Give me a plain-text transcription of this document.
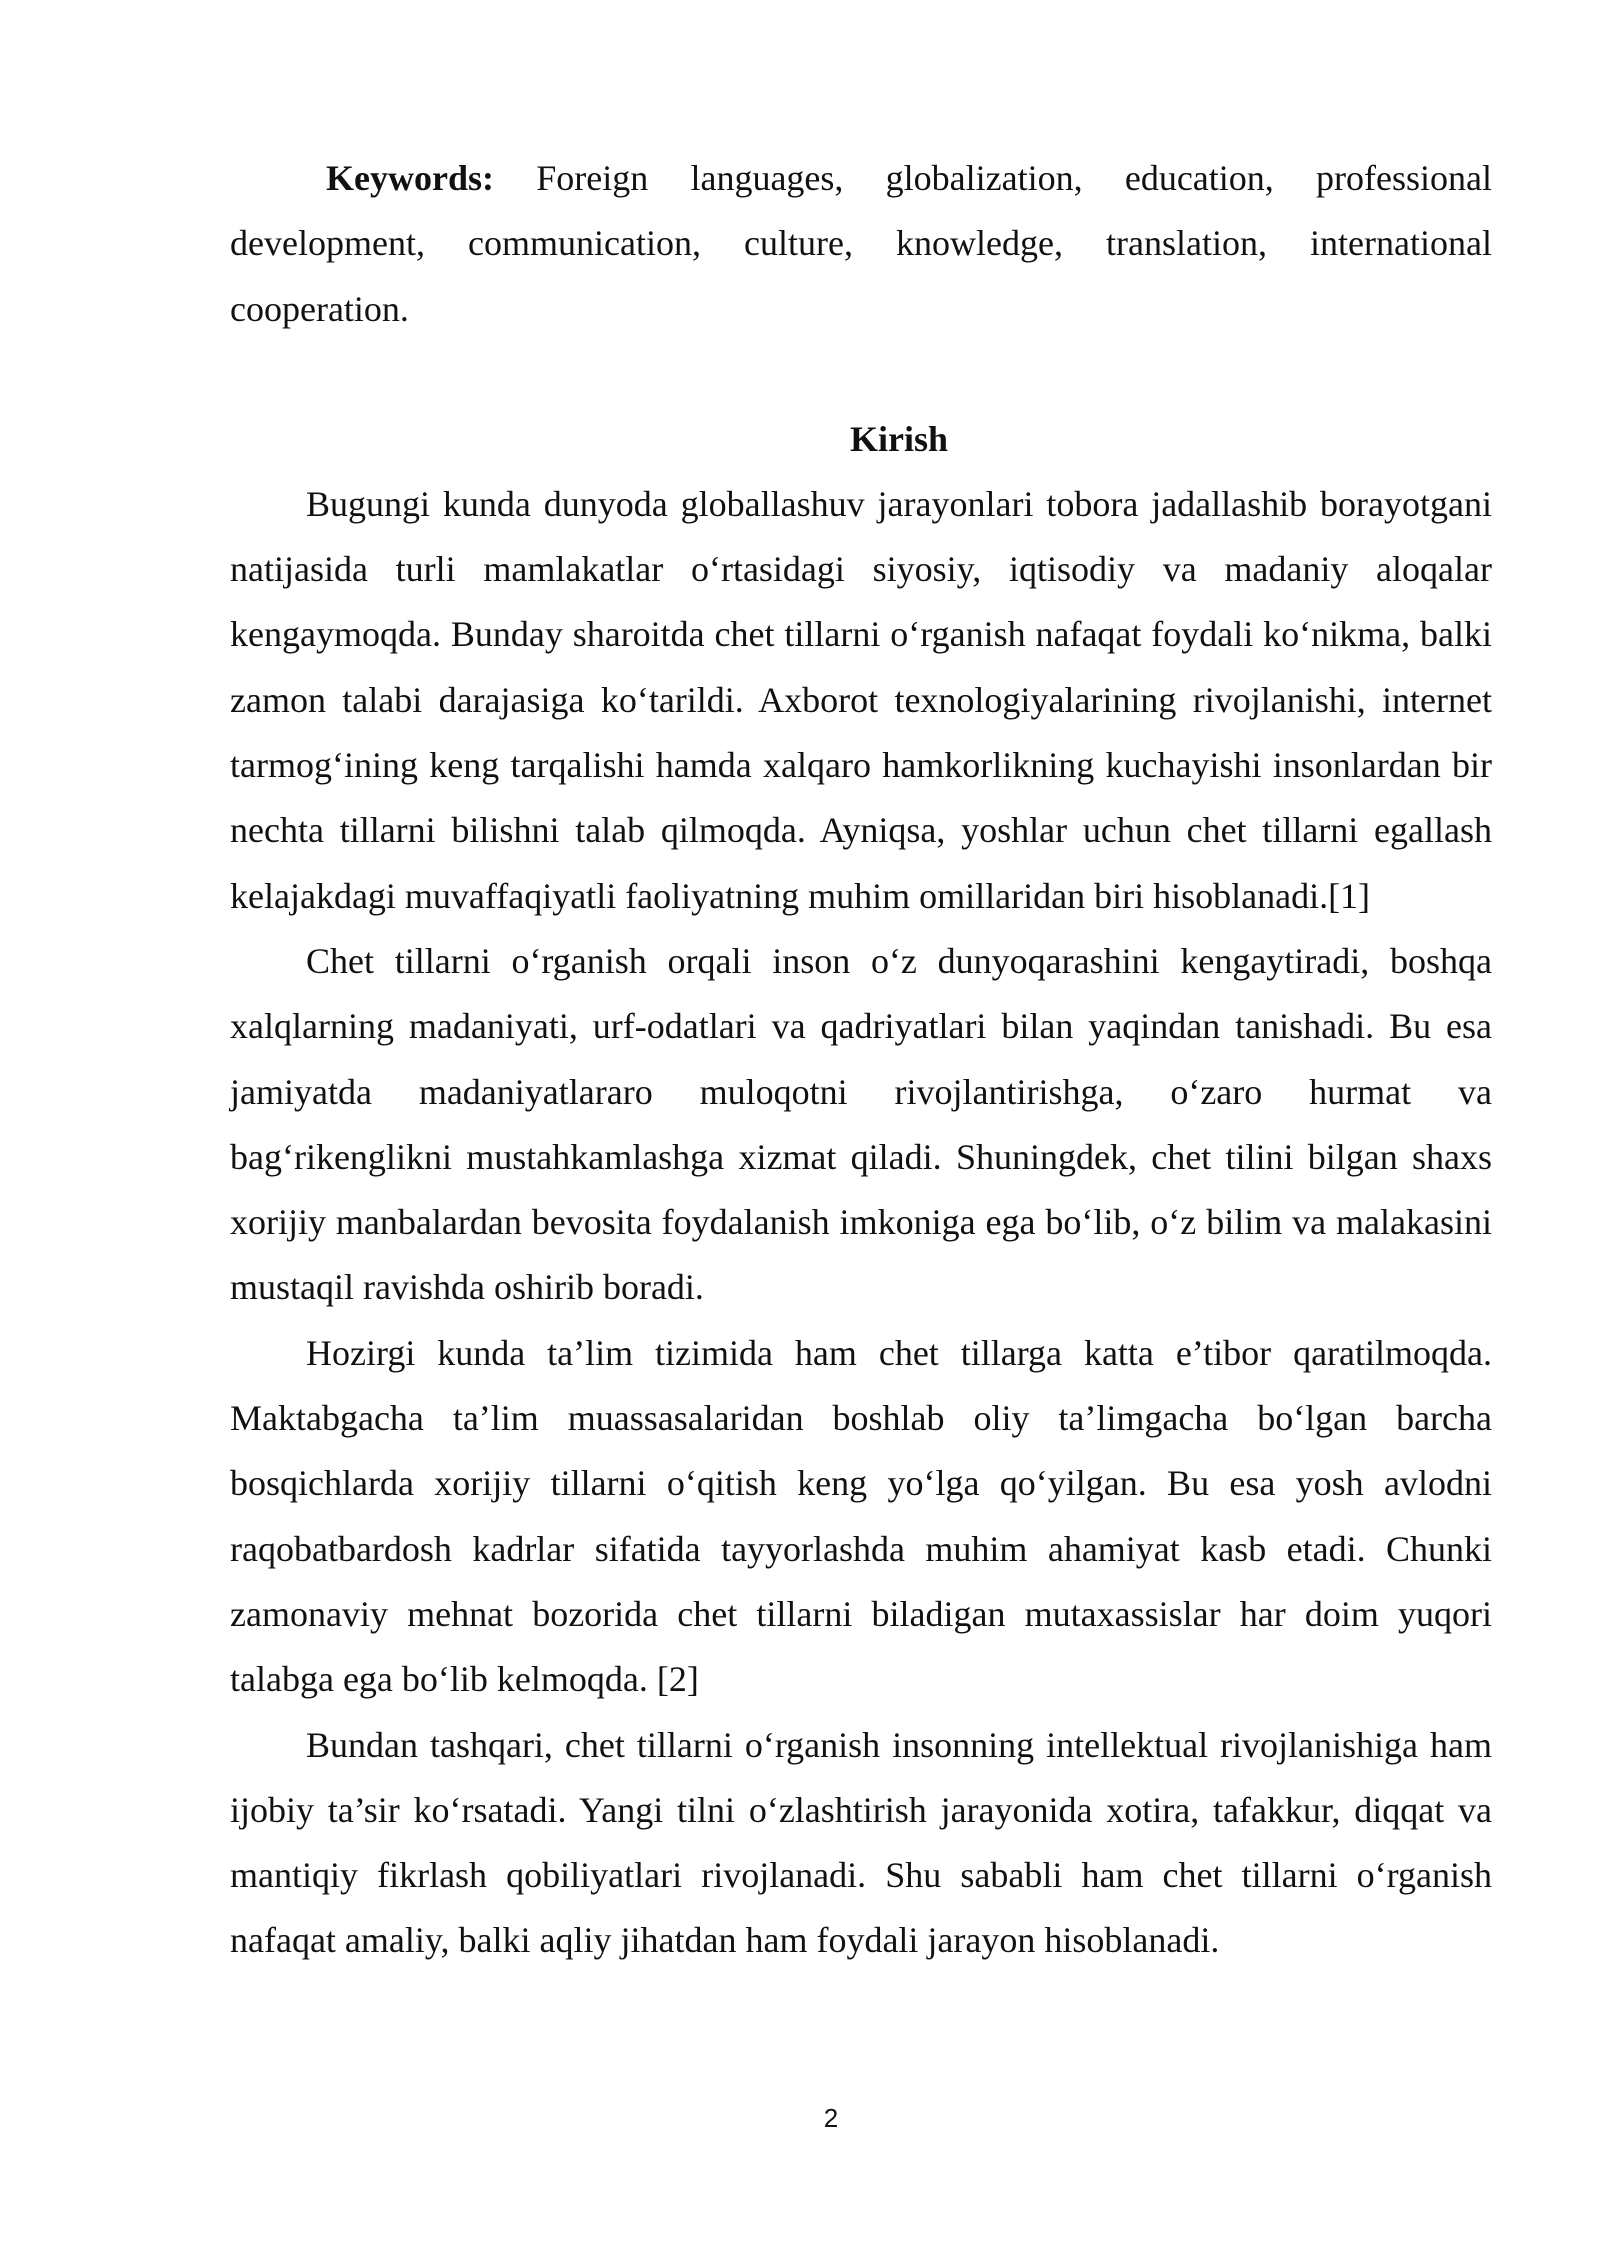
Keywords: Foreign languages, globalization, education, professional development, communication, culture, knowledge, translation, international cooperation.

Kirish

Bugungi kunda dunyoda globallashuv jarayonlari tobora jadallashib borayotgani natijasida turli mamlakatlar o‘rtasidagi siyosiy, iqtisodiy va madaniy aloqalar kengaymoqda. Bunday sharoitda chet tillarni o‘rganish nafaqat foydali ko‘nikma, balki zamon talabi darajasiga ko‘tarildi. Axborot texnologiyalarining rivojlanishi, internet tarmog‘ining keng tarqalishi hamda xalqaro hamkorlikning kuchayishi insonlardan bir nechta tillarni bilishni talab qilmoqda. Ayniqsa, yoshlar uchun chet tillarni egallash kelajakdagi muvaffaqiyatli faoliyatning muhim omillaridan biri hisoblanadi.[1]

Chet tillarni o‘rganish orqali inson o‘z dunyoqarashini kengaytiradi, boshqa xalqlarning madaniyati, urf-odatlari va qadriyatlari bilan yaqindan tanishadi. Bu esa jamiyatda madaniyatlararo muloqotni rivojlantirishga, o‘zaro hurmat va bag‘rikenglikni mustahkamlashga xizmat qiladi. Shuningdek, chet tilini bilgan shaxs xorijiy manbalardan bevosita foydalanish imkoniga ega bo‘lib, o‘z bilim va malakasini mustaqil ravishda oshirib boradi.

Hozirgi kunda ta’lim tizimida ham chet tillarga katta e’tibor qaratilmoqda. Maktabgacha ta’lim muassasalaridan boshlab oliy ta’limgacha bo‘lgan barcha bosqichlarda xorijiy tillarni o‘qitish keng yo‘lga qo‘yilgan. Bu esa yosh avlodni raqobatbardosh kadrlar sifatida tayyorlashda muhim ahamiyat kasb etadi. Chunki zamonaviy mehnat bozorida chet tillarni biladigan mutaxassislar har doim yuqori talabga ega bo‘lib kelmoqda. [2]

Bundan tashqari, chet tillarni o‘rganish insonning intellektual rivojlanishiga ham ijobiy ta’sir ko‘rsatadi. Yangi tilni o‘zlashtirish jarayonida xotira, tafakkur, diqqat va mantiqiy fikrlash qobiliyatlari rivojlanadi. Shu sababli ham chet tillarni o‘rganish nafaqat amaliy, balki aqliy jihatdan ham foydali jarayon hisoblanadi.

2
